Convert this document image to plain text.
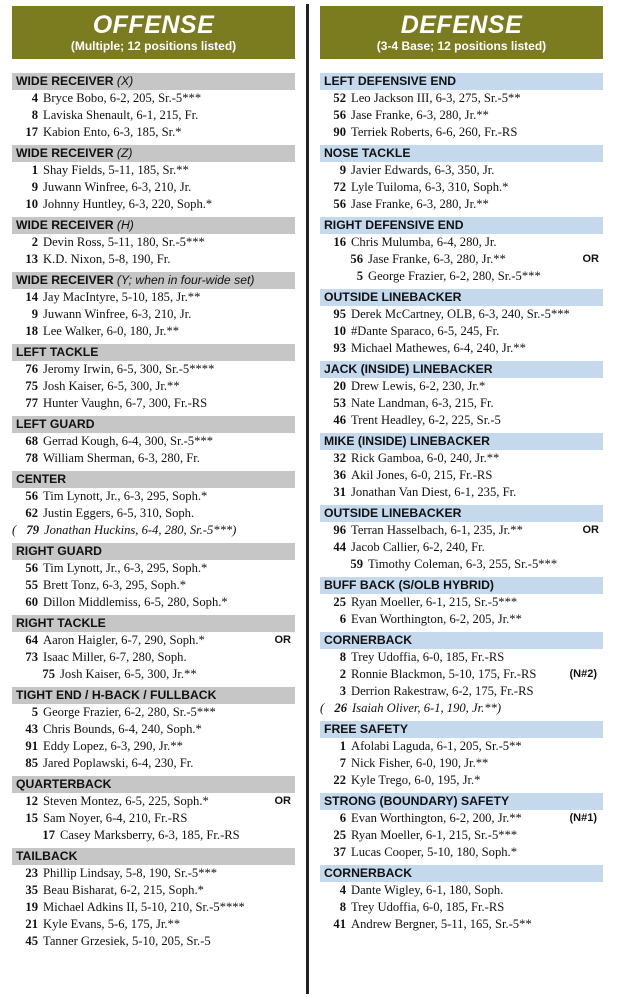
OFFENSE
(Multiple; 12 positions listed)
WIDE RECEIVER (X)
4 Bryce Bobo, 6-2, 205, Sr.-5***
8 Laviska Shenault, 6-1, 215, Fr.
17 Kabion Ento, 6-3, 185, Sr.*
WIDE RECEIVER (Z)
1 Shay Fields, 5-11, 185, Sr.**
9 Juwann Winfree, 6-3, 210, Jr.
10 Johnny Huntley, 6-3, 220, Soph.*
WIDE RECEIVER (H)
2 Devin Ross, 5-11, 180, Sr.-5***
13 K.D. Nixon, 5-8, 190, Fr.
WIDE RECEIVER (Y; when in four-wide set)
14 Jay MacIntyre, 5-10, 185, Jr.**
9 Juwann Winfree, 6-3, 210, Jr.
18 Lee Walker, 6-0, 180, Jr.**
LEFT TACKLE
76 Jeromy Irwin, 6-5, 300, Sr.-5****
75 Josh Kaiser, 6-5, 300, Jr.**
77 Hunter Vaughn, 6-7, 300, Fr.-RS
LEFT GUARD
68 Gerrad Kough, 6-4, 300, Sr.-5***
78 William Sherman, 6-3, 280, Fr.
CENTER
56 Tim Lynott, Jr., 6-3, 295, Soph.*
62 Justin Eggers, 6-5, 310, Soph.
( 79 Jonathan Huckins, 6-4, 280, Sr.-5***)
RIGHT GUARD
56 Tim Lynott, Jr., 6-3, 295, Soph.*
55 Brett Tonz, 6-3, 295, Soph.*
60 Dillon Middlemiss, 6-5, 280, Soph.*
RIGHT TACKLE
64 Aaron Haigler, 6-7, 290, Soph.*	OR
73 Isaac Miller, 6-7, 280, Soph.
75 Josh Kaiser, 6-5, 300, Jr.**
TIGHT END / H-BACK / FULLBACK
5 George Frazier, 6-2, 280, Sr.-5***
43 Chris Bounds, 6-4, 240, Soph.*
91 Eddy Lopez, 6-3, 290, Jr.**
85 Jared Poplawski, 6-4, 230, Fr.
QUARTERBACK
12 Steven Montez, 6-5, 225, Soph.*	OR
15 Sam Noyer, 6-4, 210, Fr.-RS
17 Casey Marksberry, 6-3, 185, Fr.-RS
TAILBACK
23 Phillip Lindsay, 5-8, 190, Sr.-5***
35 Beau Bisharat, 6-2, 215, Soph.*
19 Michael Adkins II, 5-10, 210, Sr.-5****
21 Kyle Evans, 5-6, 175, Jr.**
45 Tanner Grzesiek, 5-10, 205, Sr.-5
DEFENSE
(3-4 Base; 12 positions listed)
LEFT DEFENSIVE END
52 Leo Jackson III, 6-3, 275, Sr.-5**
56 Jase Franke, 6-3, 280, Jr.**
90 Terriek Roberts, 6-6, 260, Fr.-RS
NOSE TACKLE
9 Javier Edwards, 6-3, 350, Jr.
72 Lyle Tuiloma, 6-3, 310, Soph.*
56 Jase Franke, 6-3, 280, Jr.**
RIGHT DEFENSIVE END
16 Chris Mulumba, 6-4, 280, Jr.
56 Jase Franke, 6-3, 280, Jr.**	OR
5 George Frazier, 6-2, 280, Sr.-5***
OUTSIDE LINEBACKER
95 Derek McCartney, OLB, 6-3, 240, Sr.-5***
10 #Dante Sparaco, 6-5, 245, Fr.
93 Michael Mathewes, 6-4, 240, Jr.**
JACK (INSIDE) LINEBACKER
20 Drew Lewis, 6-2, 230, Jr.*
53 Nate Landman, 6-3, 215, Fr.
46 Trent Headley, 6-2, 225, Sr.-5
MIKE (INSIDE) LINEBACKER
32 Rick Gamboa, 6-0, 240, Jr.**
36 Akil Jones, 6-0, 215, Fr.-RS
31 Jonathan Van Diest, 6-1, 235, Fr.
OUTSIDE LINEBACKER
96 Terran Hasselbach, 6-1, 235, Jr.**	OR
44 Jacob Callier, 6-2, 240, Fr.
59 Timothy Coleman, 6-3, 255, Sr.-5***
BUFF BACK (S/OLB HYBRID)
25 Ryan Moeller, 6-1, 215, Sr.-5***
6 Evan Worthington, 6-2, 205, Jr.**
CORNERBACK
8 Trey Udoffia, 6-0, 185, Fr.-RS
2 Ronnie Blackmon, 5-10, 175, Fr.-RS	(N#2)
3 Derrion Rakestraw, 6-2, 175, Fr.-RS
( 26 Isaiah Oliver, 6-1, 190, Jr.**)
FREE SAFETY
1 Afolabi Laguda, 6-1, 205, Sr.-5**
7 Nick Fisher, 6-0, 190, Jr.**
22 Kyle Trego, 6-0, 195, Jr.*
STRONG (BOUNDARY) SAFETY
6 Evan Worthington, 6-2, 200, Jr.**	(N#1)
25 Ryan Moeller, 6-1, 215, Sr.-5***
37 Lucas Cooper, 5-10, 180, Soph.*
CORNERBACK
4 Dante Wigley, 6-1, 180, Soph.
8 Trey Udoffia, 6-0, 185, Fr.-RS
41 Andrew Bergner, 5-11, 165, Sr.-5**
